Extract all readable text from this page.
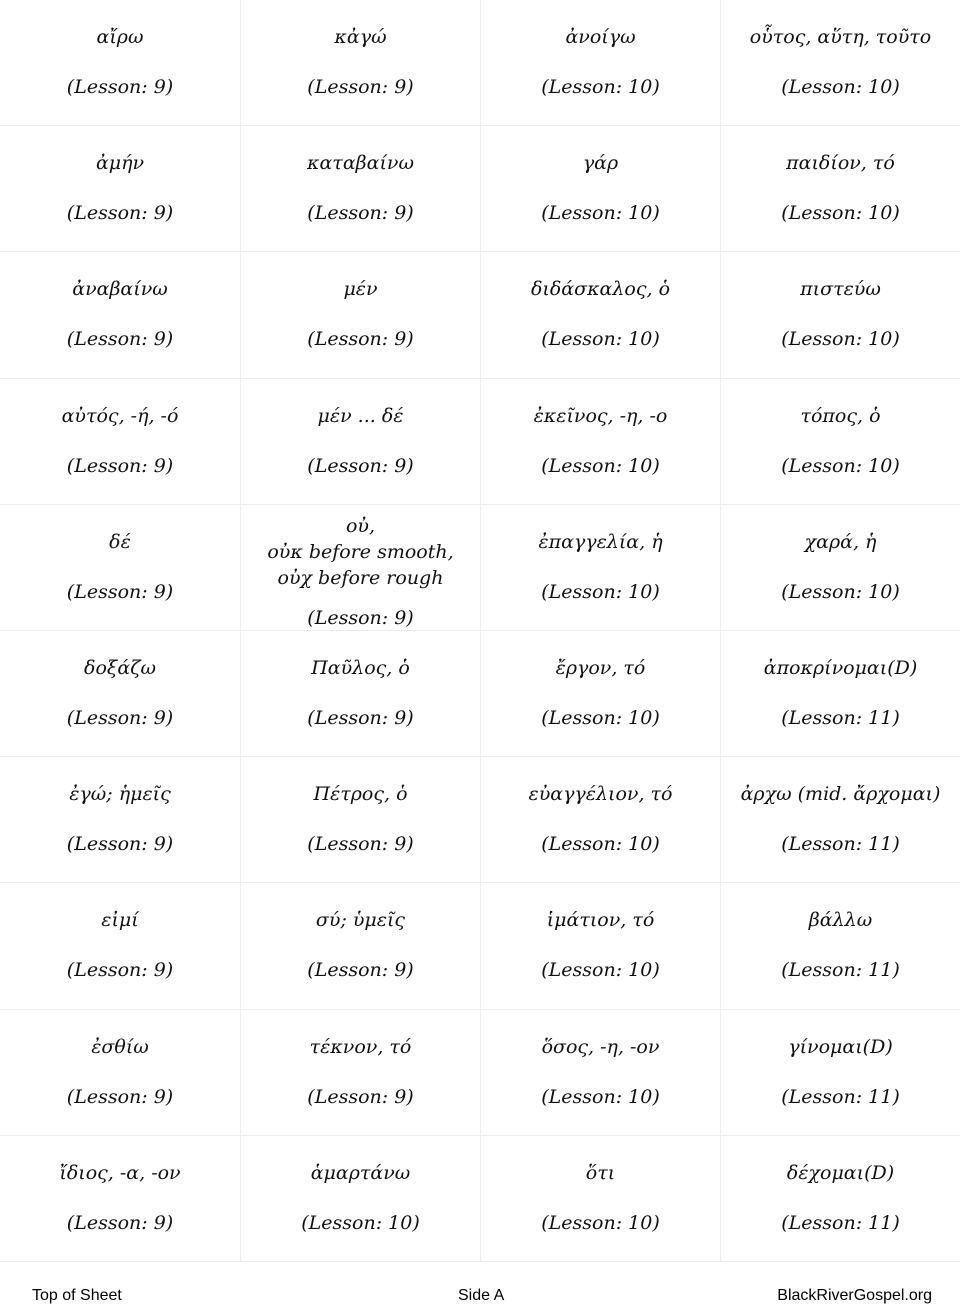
αἴρω
(Lesson: 9)
κἀγώ
(Lesson: 9)
ἀνοίγω
(Lesson: 10)
οὗτος, αὕτη, τοῦτο
(Lesson: 10)
ἀμήν
(Lesson: 9)
καταβαίνω
(Lesson: 9)
γάρ
(Lesson: 10)
παιδίον, τό
(Lesson: 10)
ἀναβαίνω
(Lesson: 9)
μέν
(Lesson: 9)
διδάσκαλος, ὁ
(Lesson: 10)
πιστεύω
(Lesson: 10)
αὐτός, -ή, -ό
(Lesson: 9)
μέν ... δέ
(Lesson: 9)
ἐκεῖνος, -η, -ο
(Lesson: 10)
τόπος, ὁ
(Lesson: 10)
δέ
(Lesson: 9)
οὐ,
οὐκ before smooth,
οὐχ before rough
(Lesson: 9)
ἐπαγγελία, ἡ
(Lesson: 10)
χαρά, ἡ
(Lesson: 10)
δοξάζω
(Lesson: 9)
Παῦλος, ὁ
(Lesson: 9)
ἔργον, τό
(Lesson: 10)
ἀποκρίνομαι(D)
(Lesson: 11)
ἐγώ; ἡμεῖς
(Lesson: 9)
Πέτρος, ὁ
(Lesson: 9)
εὐαγγέλιον, τό
(Lesson: 10)
ἀρχω (mid. ἄρχομαι)
(Lesson: 11)
εἰμί
(Lesson: 9)
σύ; ὑμεῖς
(Lesson: 9)
ἱμάτιον, τό
(Lesson: 10)
βάλλω
(Lesson: 11)
ἐσθίω
(Lesson: 9)
τέκνον, τό
(Lesson: 9)
ὅσος, -η, -ον
(Lesson: 10)
γίνομαι(D)
(Lesson: 11)
ἴδιος, -α, -ον
(Lesson: 9)
ἁμαρτάνω
(Lesson: 10)
ὅτι
(Lesson: 10)
δέχομαι(D)
(Lesson: 11)
Top of Sheet	Side A	BlackRiverGospel.org
